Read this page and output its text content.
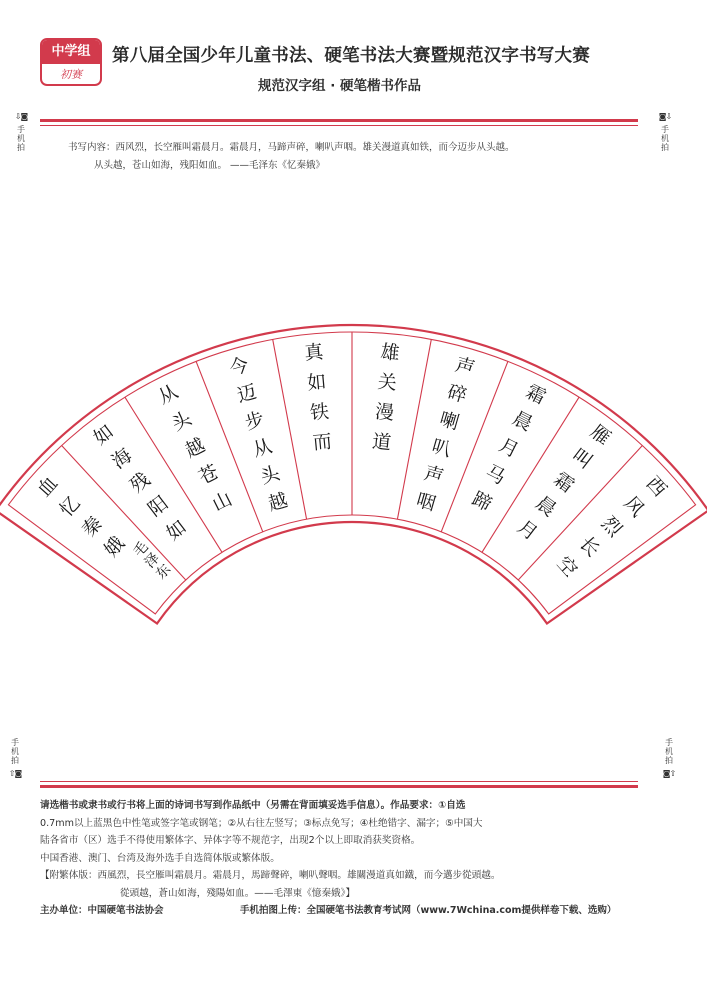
中学组
初赛
第八届全国少年儿童书法、硬笔书法大赛暨规范汉字书写大赛
规范汉字组 · 硬笔楷书作品
⇩◙
手机拍
◙⇩
手机拍
书写内容：西风烈，长空雁叫霜晨月。霜晨月，马蹄声碎，喇叭声咽。雄关漫道真如铁，而今迈步从头越。
从头越，苍山如海，残阳如血。 ——毛泽东《忆秦娥》
西
风
烈
长
空
雁
叫
霜
晨
月
霜
晨
月
马
蹄
声
碎
喇
叭
声
咽
雄
关
漫
道
真
如
铁
而
今
迈
步
从
头
越
从
头
越
苍
山
如
海
残
阳
如
血
忆
秦
娥 毛
泽
东
手机拍
⇧◙
手机拍
◙⇧
请选楷书或隶书或行书将上面的诗词书写到作品纸中（另需在背面填妥选手信息）。作品要求：①自选
0.7mm以上蓝黑色中性笔或签字笔或钢笔；②从右往左竖写；③标点免写；④杜绝错字、漏字；⑤中国大
陆各省市（区）选手不得使用繁体字、异体字等不规范字，出现2个以上即取消获奖资格。
中国香港、澳门、台湾及海外选手自选简体版或繁体版。
【附繁体版：西風烈，長空雁叫霜晨月。霜晨月，馬蹄聲碎，喇叭聲咽。雄關漫道真如鐵，而今邁步從頭越。
從頭越，蒼山如海，殘陽如血。——毛澤東《憶秦娥》】
主办单位：中国硬笔书法协会	手机拍图上传：全国硬笔书法教育考试网（www.7Wchina.com提供样卷下载、选购）
